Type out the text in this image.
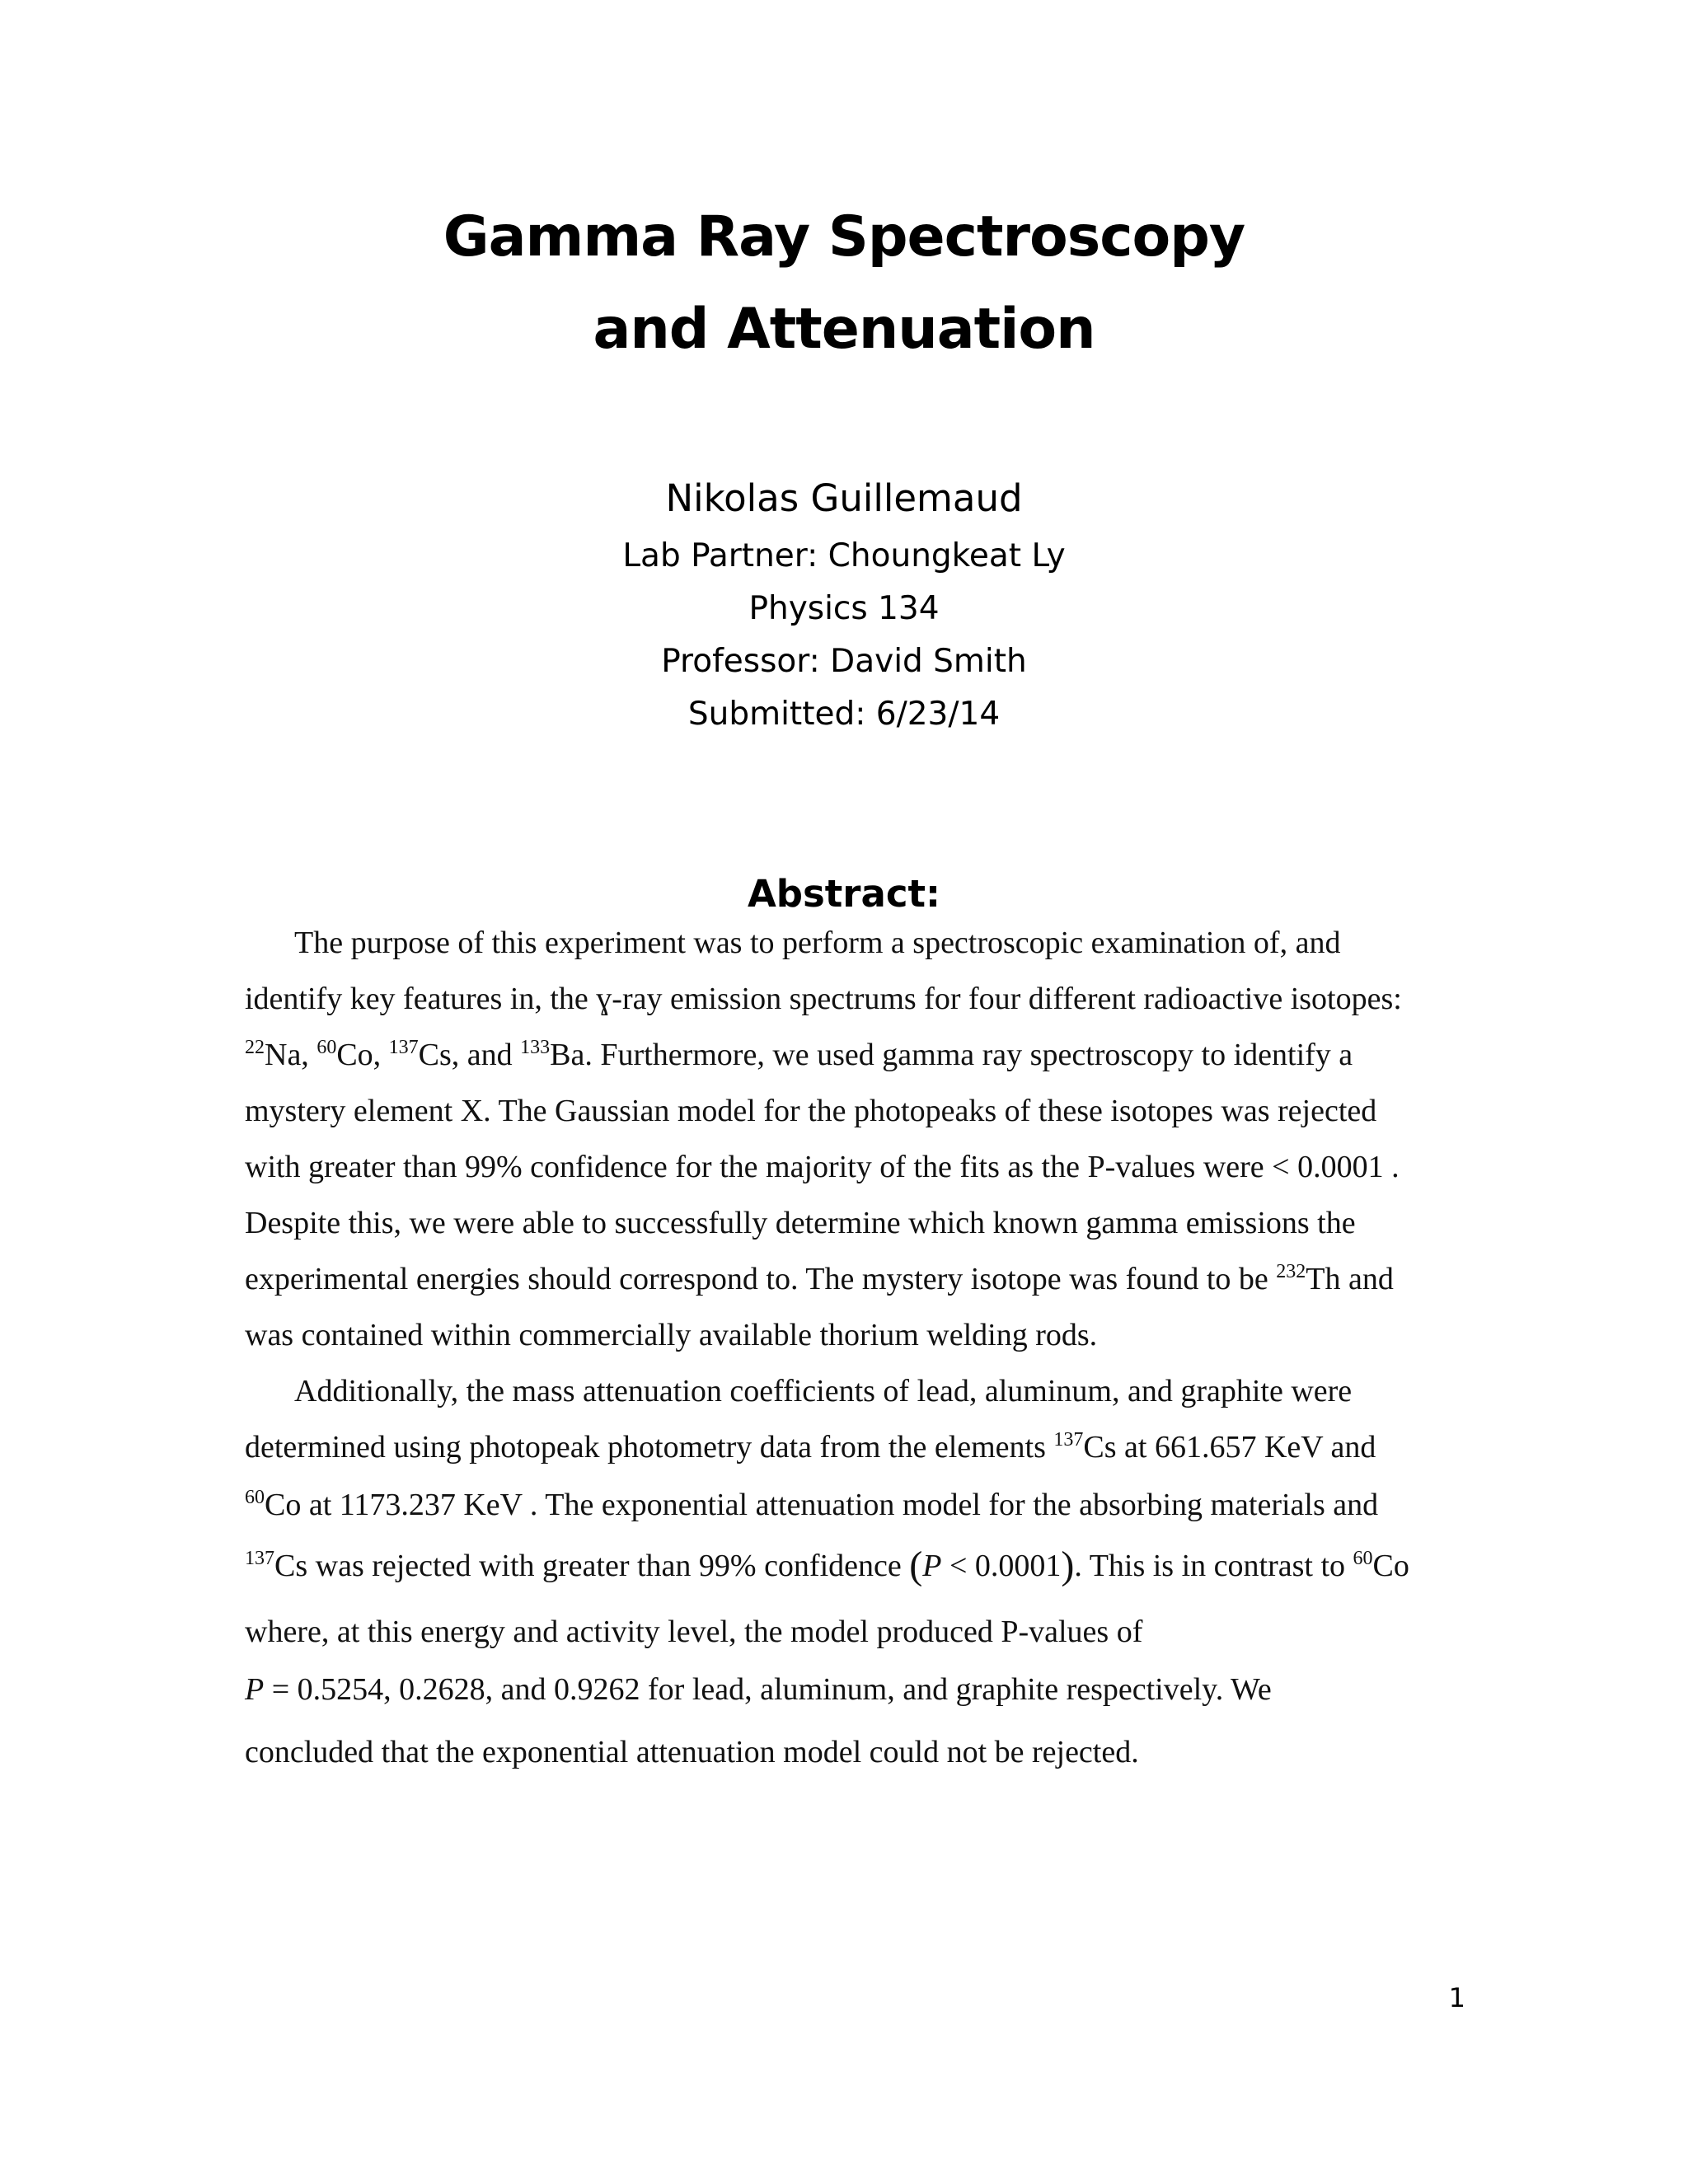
Gamma Ray Spectroscopy
and Attenuation
Nikolas Guillemaud
Lab Partner: Choungkeat Ly
Physics 134
Professor: David Smith
Submitted: 6/23/14
Abstract:
The purpose of this experiment was to perform a spectroscopic examination of, and
identify key features in, the ɣ-ray emission spectrums for four different radioactive isotopes:
$^{22}$Na, $^{60}$Co, $^{137}$Cs, and $^{133}$Ba. Furthermore, we used gamma ray spectroscopy to identify a
mystery element X. The Gaussian model for the photopeaks of these isotopes was rejected
with greater than 99% confidence for the majority of the fits as the P-values were < 0.0001 .
Despite this, we were able to successfully determine which known gamma emissions the
experimental energies should correspond to. The mystery isotope was found to be $^{232}$Th and
was contained within commercially available thorium welding rods.
Additionally, the mass attenuation coefficients of lead, aluminum, and graphite were
determined using photopeak photometry data from the elements $^{137}$Cs at 661.657 KeV and
$^{60}$Co at 1173.237 KeV . The exponential attenuation model for the absorbing materials and
$^{137}$Cs was rejected with greater than 99% confidence (P < 0.0001). This is in contrast to $^{60}$Co
where, at this energy and activity level, the model produced P-values of
P = 0.5254, 0.2628, and 0.9262 for lead, aluminum, and graphite respectively. We
concluded that the exponential attenuation model could not be rejected.
1
